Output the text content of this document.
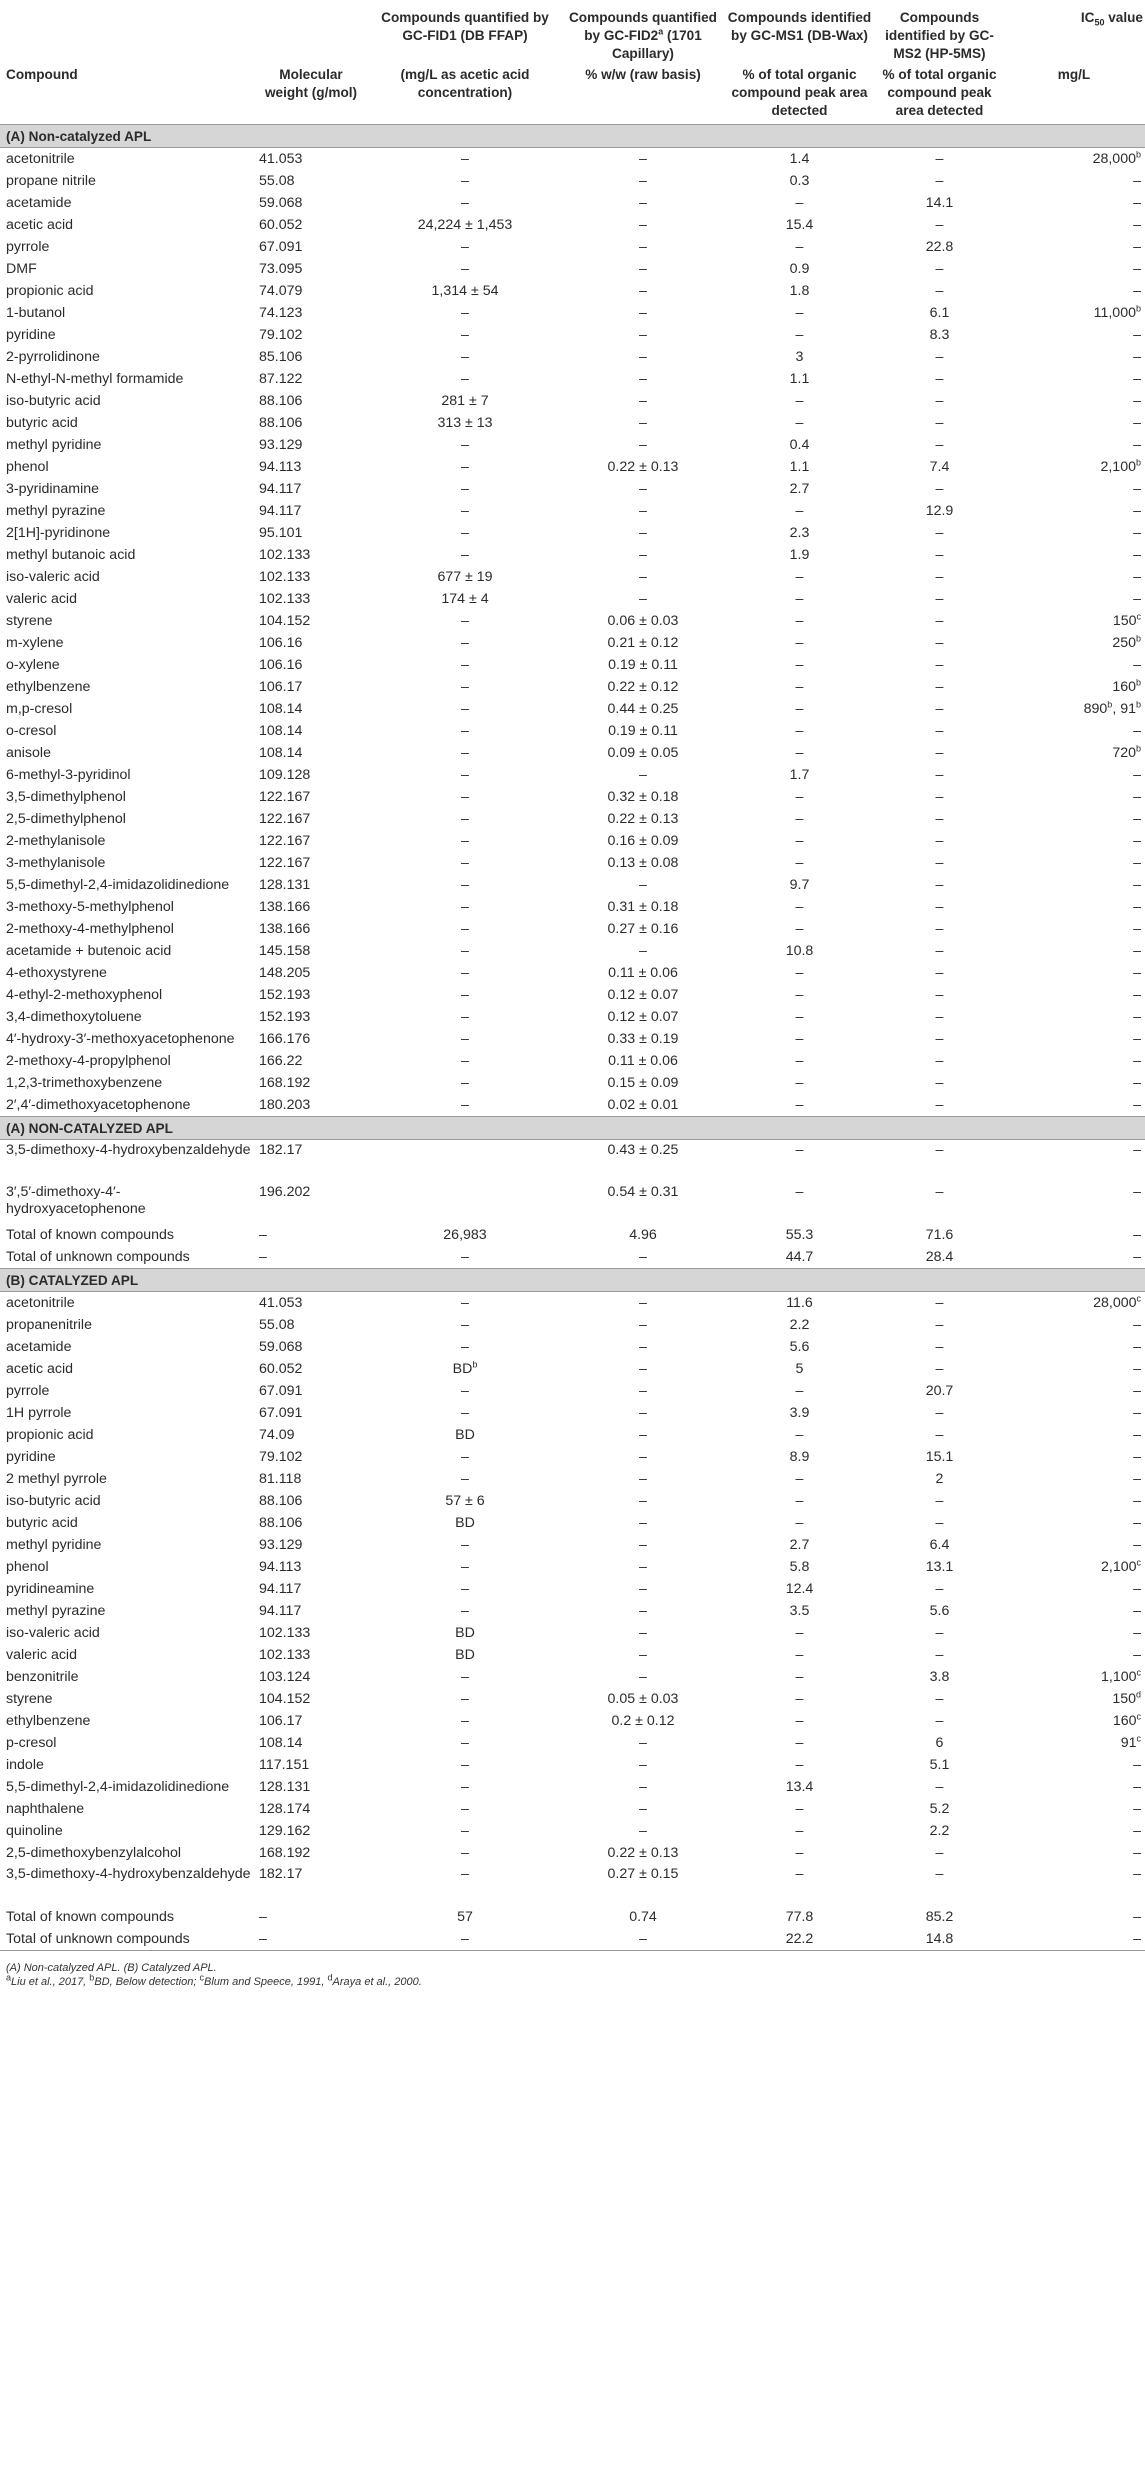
		Compounds quantified by GC-FID1 (DB FFAP)	Compounds quantified by GC-FID2$^a$ (1701 Capillary)	Compounds identified by GC-MS1 (DB-Wax)	Compounds identified by GC-MS2 (HP-5MS)	$IC_{50}$ value
Compound	Molecular weight (g/mol)	(mg/L as acetic acid concentration)	% w/w (raw basis)	% of total organic compound peak area detected	% of total organic compound peak area detected	mg/L
(A) Non-catalyzed APL						
acetonitrile	41.053	–	–	1.4	–	28,000$^b$
propane nitrile	55.08	–	–	0.3	–	–
acetamide	59.068	–	–	–	14.1	–
acetic acid	60.052	24,224 ± 1,453	–	15.4	–	–
pyrrole	67.091	–	–	–	22.8	–
DMF	73.095	–	–	0.9	–	–
propionic acid	74.079	1,314 ± 54	–	1.8	–	–
1-butanol	74.123	–	–	–	6.1	11,000$^b$
pyridine	79.102	–	–	–	8.3	–
2-pyrrolidinone	85.106	–	–	3	–	–
N-ethyl-N-methyl formamide	87.122	–	–	1.1	–	–
iso-butyric acid	88.106	281 ± 7	–	–	–	–
butyric acid	88.106	313 ± 13	–	–	–	–
methyl pyridine	93.129	–	–	0.4	–	–
phenol	94.113	–	0.22 ± 0.13	1.1	7.4	2,100$^b$
3-pyridinamine	94.117	–	–	2.7	–	–
methyl pyrazine	94.117	–	–	–	12.9	–
2[1H]-pyridinone	95.101	–	–	2.3	–	–
methyl butanoic acid	102.133	–	–	1.9	–	–
iso-valeric acid	102.133	677 ± 19	–	–	–	–
valeric acid	102.133	174 ± 4	–	–	–	–
styrene	104.152	–	0.06 ± 0.03	–	–	150$^c$
m-xylene	106.16	–	0.21 ± 0.12	–	–	250$^b$
o-xylene	106.16	–	0.19 ± 0.11	–	–	–
ethylbenzene	106.17	–	0.22 ± 0.12	–	–	160$^b$
m,p-cresol	108.14	–	0.44 ± 0.25	–	–	890$^b$, 91$^b$
o-cresol	108.14	–	0.19 ± 0.11	–	–	–
anisole	108.14	–	0.09 ± 0.05	–	–	720$^b$
6-methyl-3-pyridinol	109.128	–	–	1.7	–	–
3,5-dimethylphenol	122.167	–	0.32 ± 0.18	–	–	–
2,5-dimethylphenol	122.167	–	0.22 ± 0.13	–	–	–
2-methylanisole	122.167	–	0.16 ± 0.09	–	–	–
3-methylanisole	122.167	–	0.13 ± 0.08	–	–	–
5,5-dimethyl-2,4-imidazolidinedione	128.131	–	–	9.7	–	–
3-methoxy-5-methylphenol	138.166	–	0.31 ± 0.18	–	–	–
2-methoxy-4-methylphenol	138.166	–	0.27 ± 0.16	–	–	–
acetamide + butenoic acid	145.158	–	–	10.8	–	–
4-ethoxystyrene	148.205	–	0.11 ± 0.06	–	–	–
4-ethyl-2-methoxyphenol	152.193	–	0.12 ± 0.07	–	–	–
3,4-dimethoxytoluene	152.193	–	0.12 ± 0.07	–	–	–
4′-hydroxy-3′-methoxyacetophenone	166.176	–	0.33 ± 0.19	–	–	–
2-methoxy-4-propylphenol	166.22	–	0.11 ± 0.06	–	–	–
1,2,3-trimethoxybenzene	168.192	–	0.15 ± 0.09	–	–	–
2′,4′-dimethoxyacetophenone	180.203	–	0.02 ± 0.01	–	–	–
(A) NON-CATALYZED APL						
3,5-dimethoxy-4-hydroxybenzaldehyde	182.17		0.43 ± 0.25	–	–	–
3′,5′-dimethoxy-4′-hydroxyacetophenone	196.202		0.54 ± 0.31	–	–	–
Total of known compounds	–	26,983	4.96	55.3	71.6	–
Total of unknown compounds	–	–	–	44.7	28.4	–
(B) CATALYZED APL						
acetonitrile	41.053	–	–	11.6	–	28,000$^c$
propanenitrile	55.08	–	–	2.2	–	–
acetamide	59.068	–	–	5.6	–	–
acetic acid	60.052	$BD^b$	–	5	–	–
pyrrole	67.091	–	–	–	20.7	–
1H pyrrole	67.091	–	–	3.9	–	–
propionic acid	74.09	BD	–	–	–	–
pyridine	79.102	–	–	8.9	15.1	–
2 methyl pyrrole	81.118	–	–	–	2	–
iso-butyric acid	88.106	57 ± 6	–	–	–	–
butyric acid	88.106	BD	–	–	–	–
methyl pyridine	93.129	–	–	2.7	6.4	–
phenol	94.113	–	–	5.8	13.1	2,100$^c$
pyridineamine	94.117	–	–	12.4	–	–
methyl pyrazine	94.117	–	–	3.5	5.6	–
iso-valeric acid	102.133	BD	–	–	–	–
valeric acid	102.133	BD	–	–	–	–
benzonitrile	103.124	–	–	–	3.8	1,100$^c$
styrene	104.152	–	0.05 ± 0.03	–	–	150$^d$
ethylbenzene	106.17	–	0.2 ± 0.12	–	–	160$^c$
p-cresol	108.14	–	–	–	6	91$^c$
indole	117.151	–	–	–	5.1	–
5,5-dimethyl-2,4-imidazolidinedione	128.131	–	–	13.4	–	–
naphthalene	128.174	–	–	–	5.2	–
quinoline	129.162	–	–	–	2.2	–
2,5-dimethoxybenzylalcohol	168.192	–	0.22 ± 0.13	–	–	–
3,5-dimethoxy-4-hydroxybenzaldehyde	182.17	–	0.27 ± 0.15	–	–	–
Total of known compounds	–	57	0.74	77.8	85.2	–
Total of unknown compounds	–	–	–	22.2	14.8	–
(A) Non-catalyzed APL. (B) Catalyzed APL.
$^a$Liu et al., 2017, $^b$BD, Below detection; $^c$Blum and Speece, 1991, $^d$Araya et al., 2000.
